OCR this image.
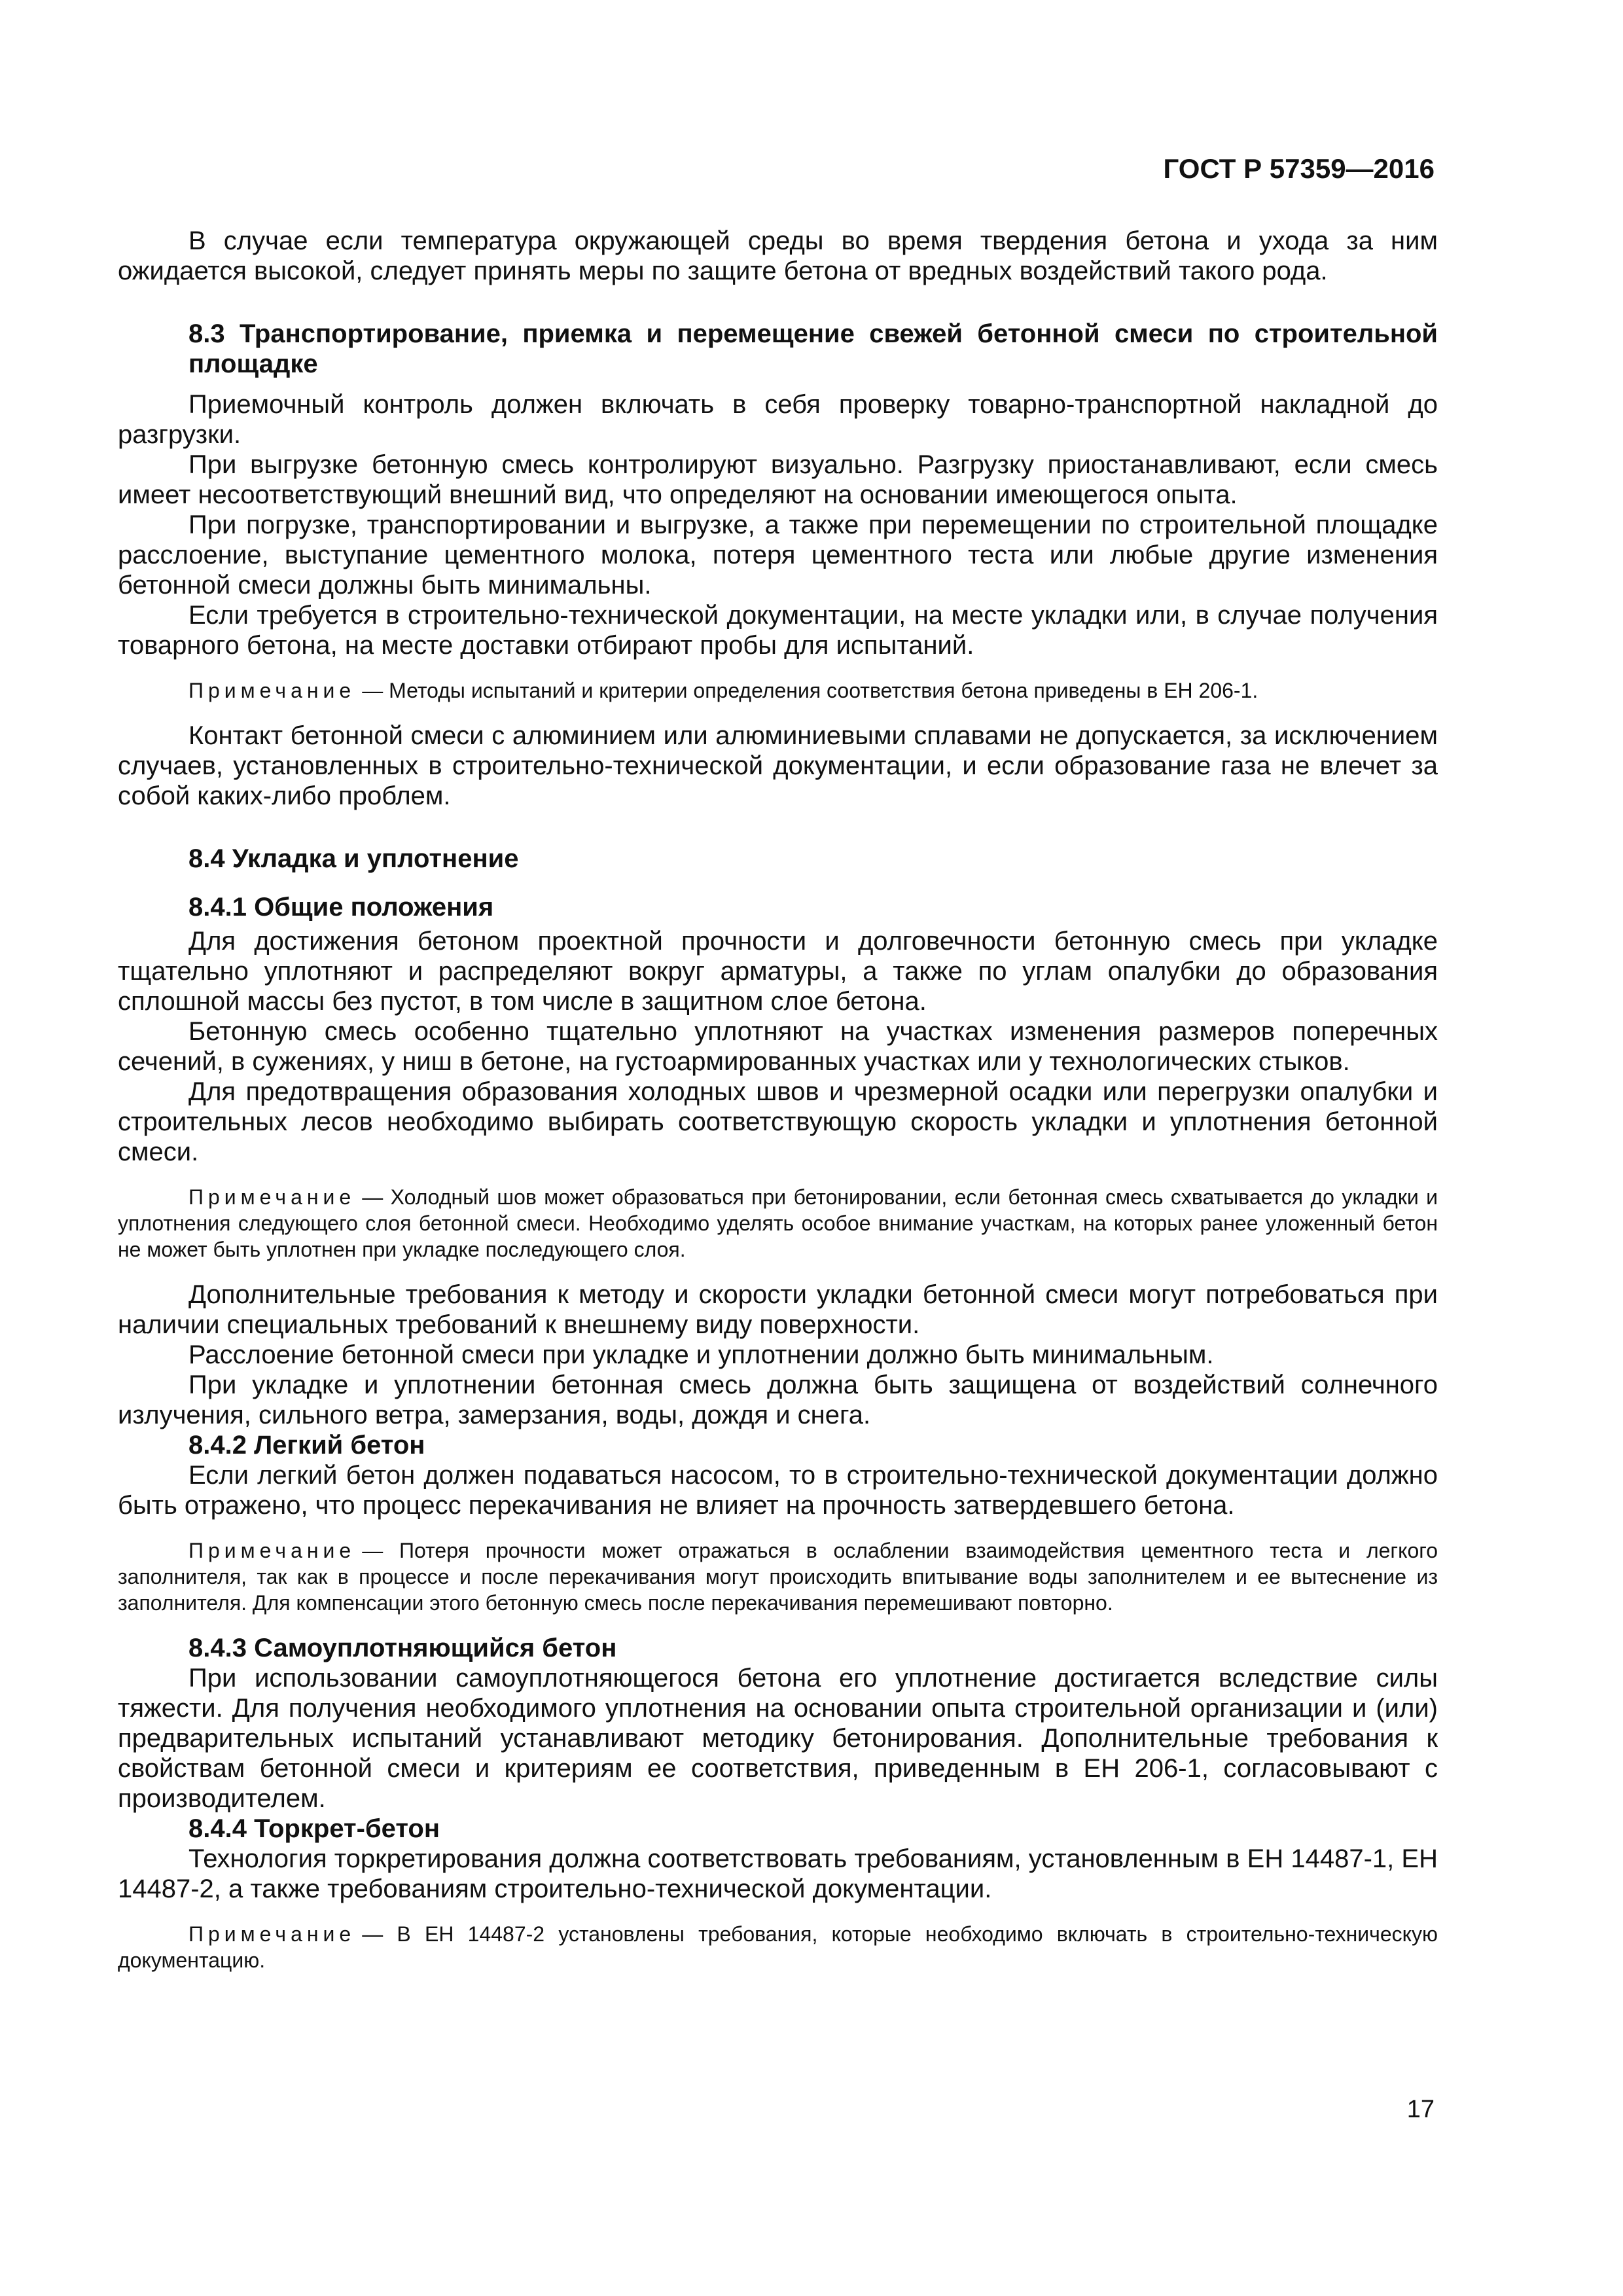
ГОСТ Р 57359—2016

В случае если температура окружающей среды во время твердения бетона и ухода за ним ожидается высокой, следует принять меры по защите бетона от вредных воздействий такого рода.

8.3 Транспортирование, приемка и перемещение свежей бетонной смеси по строительной площадке

Приемочный контроль должен включать в себя проверку товарно-транспортной накладной до разгрузки.

При выгрузке бетонную смесь контролируют визуально. Разгрузку приостанавливают, если смесь имеет несоответствующий внешний вид, что определяют на основании имеющегося опыта.

При погрузке, транспортировании и выгрузке, а также при перемещении по строительной площадке расслоение, выступание цементного молока, потеря цементного теста или любые другие изменения бетонной смеси должны быть минимальны.

Если требуется в строительно-технической документации, на месте укладки или, в случае получения товарного бетона, на месте доставки отбирают пробы для испытаний.

Примечание — Методы испытаний и критерии определения соответствия бетона приведены в ЕН 206-1.

Контакт бетонной смеси с алюминием или алюминиевыми сплавами не допускается, за исключением случаев, установленных в строительно-технической документации, и если образование газа не влечет за собой каких-либо проблем.

8.4 Укладка и уплотнение

8.4.1 Общие положения

Для достижения бетоном проектной прочности и долговечности бетонную смесь при укладке тщательно уплотняют и распределяют вокруг арматуры, а также по углам опалубки до образования сплошной массы без пустот, в том числе в защитном слое бетона.

Бетонную смесь особенно тщательно уплотняют на участках изменения размеров поперечных сечений, в сужениях, у ниш в бетоне, на густоармированных участках или у технологических стыков.

Для предотвращения образования холодных швов и чрезмерной осадки или перегрузки опалубки и строительных лесов необходимо выбирать соответствующую скорость укладки и уплотнения бетонной смеси.

Примечание — Холодный шов может образоваться при бетонировании, если бетонная смесь схватывается до укладки и уплотнения следующего слоя бетонной смеси. Необходимо уделять особое внимание участкам, на которых ранее уложенный бетон не может быть уплотнен при укладке последующего слоя.

Дополнительные требования к методу и скорости укладки бетонной смеси могут потребоваться при наличии специальных требований к внешнему виду поверхности.

Расслоение бетонной смеси при укладке и уплотнении должно быть минимальным.

При укладке и уплотнении бетонная смесь должна быть защищена от воздействий солнечного излучения, сильного ветра, замерзания, воды, дождя и снега.

8.4.2 Легкий бетон

Если легкий бетон должен подаваться насосом, то в строительно-технической документации должно быть отражено, что процесс перекачивания не влияет на прочность затвердевшего бетона.

Примечание — Потеря прочности может отражаться в ослаблении взаимодействия цементного теста и легкого заполнителя, так как в процессе и после перекачивания могут происходить впитывание воды заполнителем и ее вытеснение из заполнителя. Для компенсации этого бетонную смесь после перекачивания перемешивают повторно.

8.4.3 Самоуплотняющийся бетон

При использовании самоуплотняющегося бетона его уплотнение достигается вследствие силы тяжести. Для получения необходимого уплотнения на основании опыта строительной организации и (или) предварительных испытаний устанавливают методику бетонирования. Дополнительные требования к свойствам бетонной смеси и критериям ее соответствия, приведенным в ЕН 206-1, согласовывают с производителем.

8.4.4 Торкрет-бетон

Технология торкретирования должна соответствовать требованиям, установленным в ЕН 14487-1, ЕН 14487-2, а также требованиям строительно-технической документации.

Примечание — В ЕН 14487-2 установлены требования, которые необходимо включать в строительно-техническую документацию.

17
